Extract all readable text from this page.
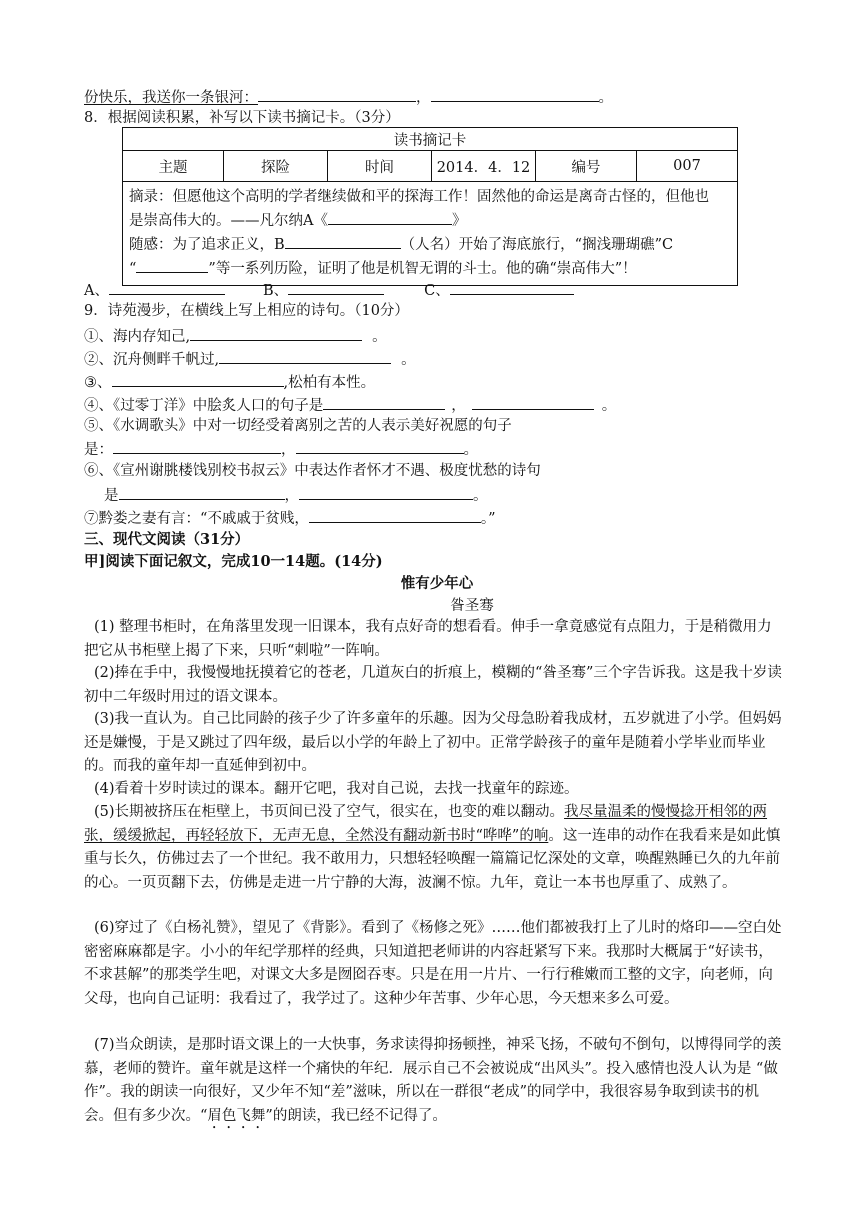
份快乐，我送你一条银河：	，	。
8．根据阅读积累，补写以下读书摘记卡。（3分）
读书摘记卡
主题	探险	时间	2014．4．12	编号	007

摘录：但愿他这个高明的学者继续做和平的探海工作！固然他的命运是离奇古怪的，但他也
是崇高伟大的。——凡尔纳A《	》
随感：为了追求正义，B	（人名）开始了海底旅行，“搁浅珊瑚礁”C
“	”等一系列历险，证明了他是机智无谓的斗士。他的确“崇高伟大”！
A、	B、	C、
9．诗苑漫步，在横线上写上相应的诗句。（10分）
①、海内存知己,	。
②、沉舟侧畔千帆过,	。
③、	,松柏有本性。
④、《过零丁洋》中脍炙人口的句子是	，	。
⑤、《水调歌头》中对一切经受着离别之苦的人表示美好祝愿的句子
是：	，	。
⑥、《宣州谢朓楼饯别校书叔云》中表达作者怀才不遇、极度忧愁的诗句
是	，	。
⑦黔娄之妻有言：“不戚戚于贫贱，	。”
三、现代文阅读（31分）
甲]阅读下面记叙文，完成10一14题。(14分)
惟有少年心
昝圣骞
(1) 整理书柜时，在角落里发现一旧课本，我有点好奇的想看看。伸手一拿竟感觉有点阻力，于是稍微用力把它从书柜壁上揭了下来，只听“刺啦”一阵响。
(2)捧在手中，我慢慢地抚摸着它的苍老，几道灰白的折痕上，模糊的“昝圣骞”三个字告诉我。这是我十岁读初中二年级时用过的语文课本。
(3)我一直认为。自己比同龄的孩子少了许多童年的乐趣。因为父母急盼着我成材，五岁就进了小学。但妈妈还是嫌慢，于是又跳过了四年级，最后以小学的年龄上了初中。正常学龄孩子的童年是随着小学毕业而毕业的。而我的童年却一直延伸到初中。
(4)看着十岁时读过的课本。翻开它吧，我对自己说，去找一找童年的踪迹。
(5)长期被挤压在柜壁上，书页间已没了空气，很实在，也变的难以翻动。我尽量温柔的慢慢捻开相邻的两张，缓缓掀起，再轻轻放下，无声无息，全然没有翻动新书时“哗哗”的响。这一连串的动作在我看来是如此慎重与长久，仿佛过去了一个世纪。我不敢用力，只想轻轻唤醒一篇篇记忆深处的文章，唤醒熟睡已久的九年前的心。一页页翻下去，仿佛是走进一片宁静的大海，波澜不惊。九年，竟让一本书也厚重了、成熟了。
(6)穿过了《白杨礼赞》，望见了《背影》。看到了《杨修之死》……他们都被我打上了儿时的烙印——空白处密密麻麻都是字。小小的年纪学那样的经典，只知道把老师讲的内容赶紧写下来。我那时大概属于“好读书，不求甚解”的那类学生吧，对课文大多是囫囵吞枣。只是在用一片片、一行行稚嫩而工整的文字，向老师，向父母，也向自己证明：我看过了，我学过了。这种少年苦事、少年心思，今天想来多么可爱。
(7)当众朗读，是那时语文课上的一大快事，务求读得抑扬顿挫，神采飞扬，不破句不倒句，以博得同学的羡慕，老师的赞许。童年就是这样一个痛快的年纪．展示自己不会被说成“出风头”。投入感情也没人认为是 “做作”。我的朗读一向很好，又少年不知“差”滋味，所以在一群很“老成”的同学中，我很容易争取到读书的机会。但有多少次。“眉色飞舞”的朗读，我已经不记得了。
